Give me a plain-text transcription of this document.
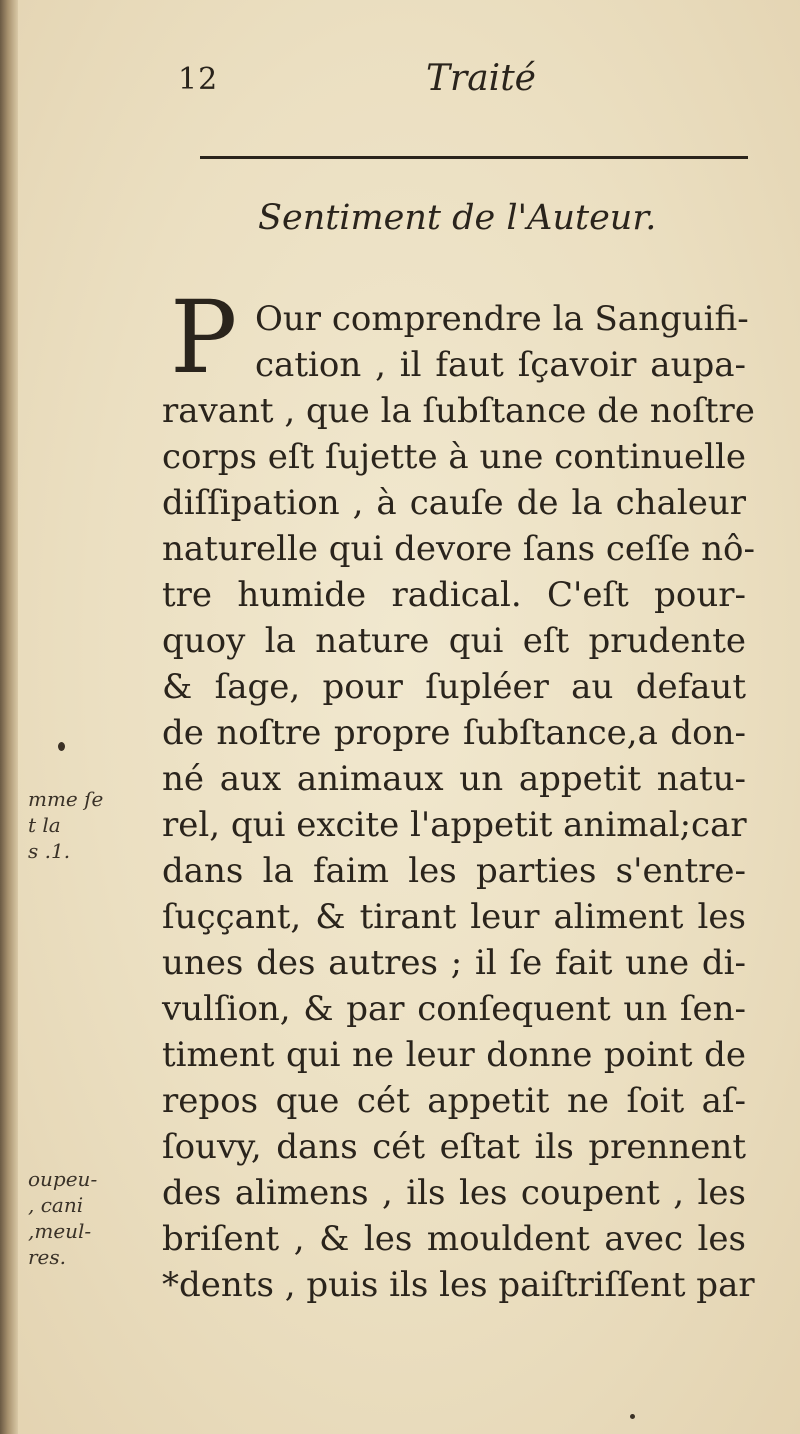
12	Traité
Sentiment de l'Auteur.
P Our comprendre la Sanguifi-
cation , il faut ſçavoir aupa-
ravant , que la ſubſtance de noſtre
corps eſt ſujette à une continuelle
diſſipation , à cauſe de la chaleur
naturelle qui devore ſans ceſſe nô-
tre humide radical. C'eſt pour-
quoy la nature qui eſt prudente
& ſage, pour ſupléer au defaut
de noſtre propre ſubſtance,a don-
né aux animaux un appetit natu-
rel, qui excite l'appetit animal;car
dans la faim les parties s'entre-
ſuççant, & tirant leur aliment les
unes des autres ; il ſe fait une di-
vulſion, & par conſequent un ſen-
timent qui ne leur donne point de
repos que cét appetit ne ſoit aſ-
ſouvy, dans cét eſtat ils prennent
des alimens , ils les coupent , les
briſent , & les mouldent avec les
*dents , puis ils les paiſtriſſent par
mme ſe
t la
s .1.
oupeu-
, cani
,meul-
res.
